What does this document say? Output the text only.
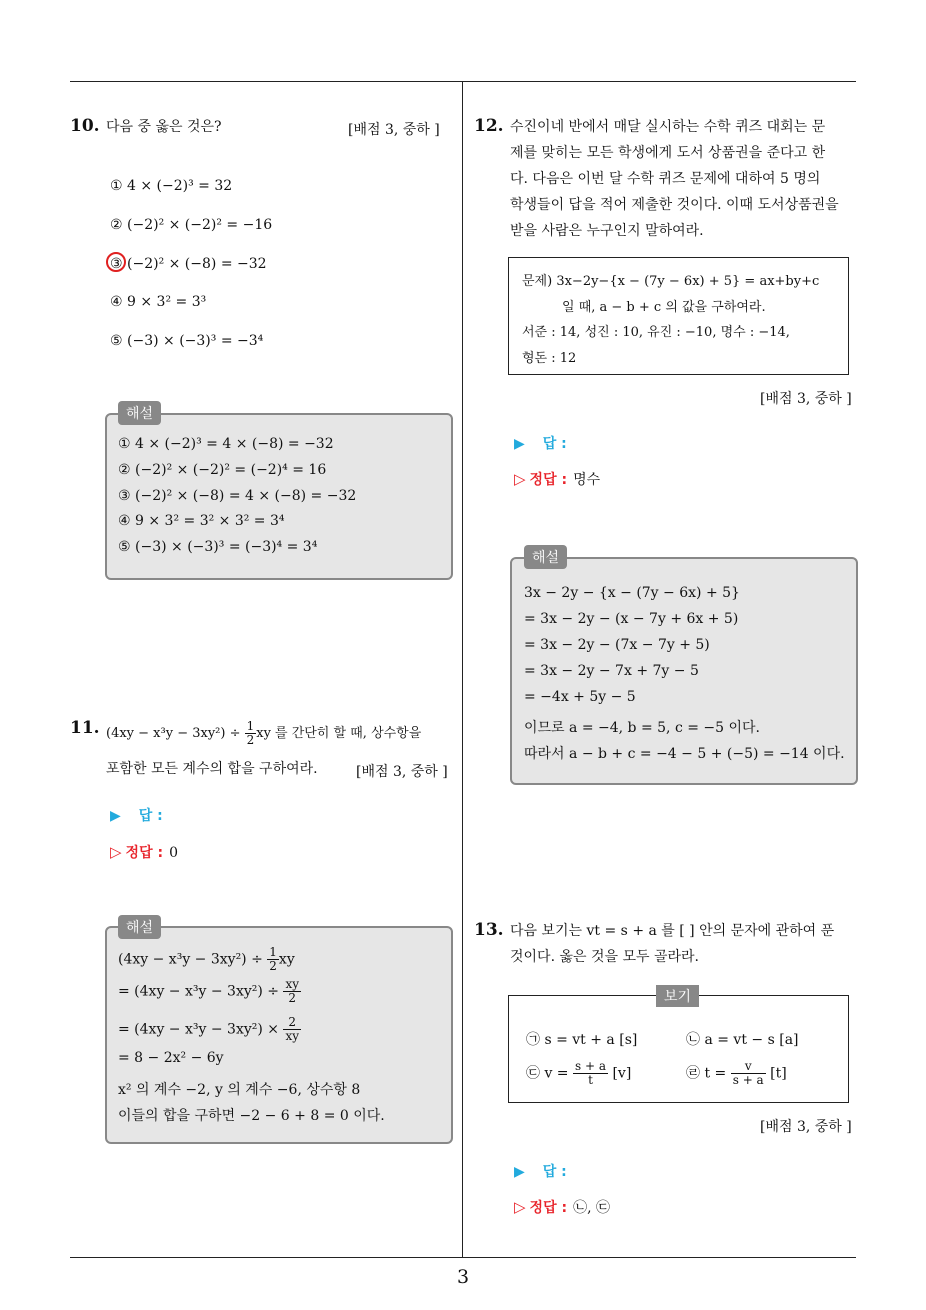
3
10. 다음 중 옳은 것은?	[배점 3, 중하 ]
① 4 × (−2)³ = 32
② (−2)² × (−2)² = −16
③ (−2)² × (−8) = −32
④ 9 × 3² = 3³
⑤ (−3) × (−3)³ = −3⁴
해설
① 4 × (−2)³ = 4 × (−8) = −32
② (−2)² × (−2)² = (−2)⁴ = 16
③ (−2)² × (−8) = 4 × (−8) = −32
④ 9 × 3² = 3² × 3² = 3⁴
⑤ (−3) × (−3)³ = (−3)⁴ = 3⁴
11. $(4xy - x^3y - 3xy^2) \div \frac{1}{2}$ xy 를 간단히 할 때, 상수항을
포함한 모든 계수의 합을 구하여라.	[배점 3, 중하 ]
▶ 답 :
▷ 정답 : 0
해설
$(4xy - x^3y - 3xy^2) \div \frac{1}{2}$ xy
= $(4xy - x^3y - 3xy^2) \div \frac{xy}{2}$
= $(4xy - x^3y - 3xy^2) \times \frac{2}{xy}$
= 8 − 2x² − 6y
x² 의 계수 −2, y 의 계수 −6, 상수항 8
이들의 합을 구하면 −2 − 6 + 8 = 0 이다.
12. 수진이네 반에서 매달 실시하는 수학 퀴즈 대회는 문
제를 맞히는 모든 학생에게 도서 상품권을 준다고 한
다. 다음은 이번 달 수학 퀴즈 문제에 대하여 5 명의
학생들이 답을 적어 제출한 것이다. 이때 도서상품권을
받을 사람은 누구인지 말하여라.
문제) 3x−2y−{x − (7y − 6x) + 5} = ax+by+c
일 때, a − b + c 의 값을 구하여라.
서준 : 14, 성진 : 10, 유진 : −10, 명수 : −14,
형돈 : 12
[배점 3, 중하 ]
▶ 답 :
▷ 정답 : 명수
해설
3x − 2y − {x − (7y − 6x) + 5}
= 3x − 2y − (x − 7y + 6x + 5)
= 3x − 2y − (7x − 7y + 5)
= 3x − 2y − 7x + 7y − 5
= −4x + 5y − 5
이므로 a = −4, b = 5, c = −5 이다.
따라서 a − b + c = −4 − 5 + (−5) = −14 이다.
13. 다음 보기는 vt = s + a 를 [ ] 안의 문자에 관하여 푼
것이다. 옳은 것을 모두 골라라.
보기
㉠ s = vt + a [s]	㉡ a = vt − s [a]
㉢ $v = \frac{s + a}{t} [v]$	㉣ $t = \frac{v}{s + a} [t]$
[배점 3, 중하 ]
▶ 답 :
▷ 정답 : ㉡, ㉢
